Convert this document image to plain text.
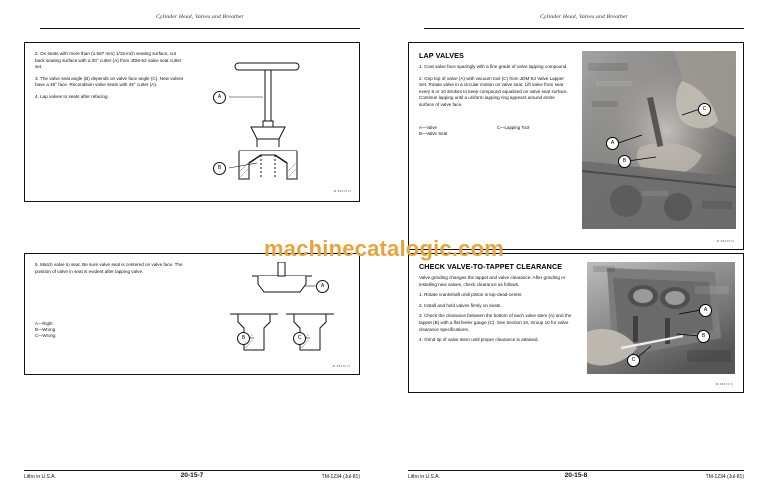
Cylinder Head, Valves and Breather

2. On seats with more than (1.587 mm) 1/16-inch seating surface, cut back seating surface with a 30° cutter (A) from JDM-52 valve seat cutter set.

3. The valve seat angle (B) depends on valve face angle (C). New valves have a 45° face. Recondition valve seats with 45° cutter (A).

4. Lap valves to seats after refacing.	A
B
M 46271 N

5. Match valve to seat. Be sure valve seat is centered on valve face. The position of valve in seat is evident after lapping valve.

A—Right
B—Wrong
C—Wrong
A
B	C
M 46272 N
Litho in U.S.A.	20-15-7	TM-1234 (Jul-81)
Cylinder Head, Valves and Breather
LAP VALVES

1. Coat valve face sparingly with a fine grade of valve lapping compound.

2. Grip top of valve (A) with vacuum tool (C) from JDM-54 Valve Lapper Set. Rotate valve in a circular motion on valve seat. Lift valve from seat every 8 or 10 strokes to keep compound equalized on valve seat surface. Continue lapping until a uniform lapping ring appears around entire surface of valve face.

A—Valve
B—Valve Seat
C—Lapping Tool
A
B
C
M 46273 N
CHECK VALVE-TO-TAPPET CLEARANCE

Valve grinding changes the tappet and valve clearance. After grinding or installing new valves, check clearance as follows.

1. Rotate crankshaft until piston is top-dead-center.

2. Install and hold valves firmly on seats.

3. Check the clearance between the bottom of each valve stem (A) and the tappet (B) with a flat feeler gauge (C). See Section 10, Group 10 for valve clearance specifications.

4. Grind tip of valve stem until proper clearance is attained.

A
B
C
M 46274 N
Litho in U.S.A.	20-15-8	TM-1234 (Jul-81)
machinecatalogic.com
